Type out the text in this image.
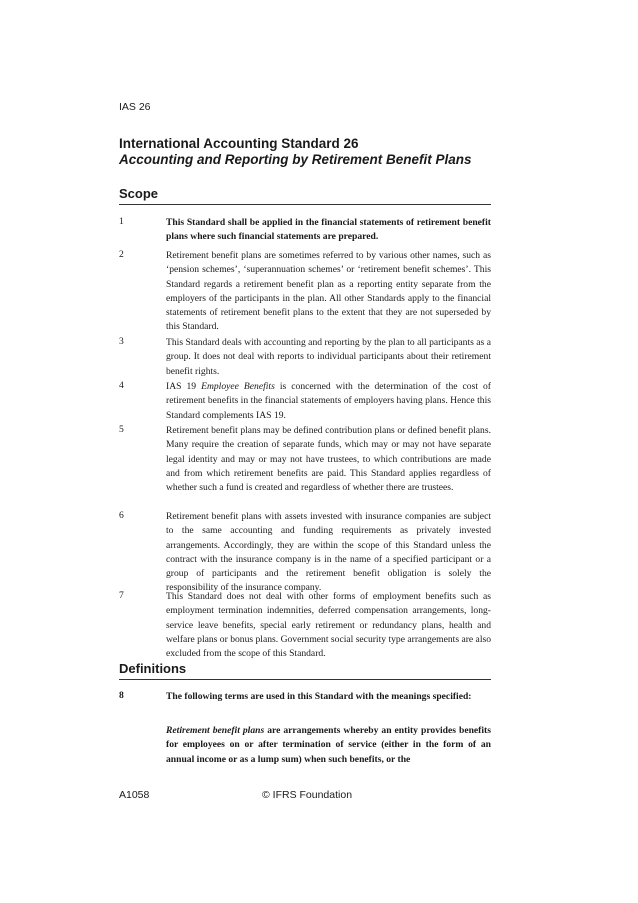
IAS 26
International Accounting Standard 26
Accounting and Reporting by Retirement Benefit Plans
Scope
1	This Standard shall be applied in the financial statements of retirement benefit plans where such financial statements are prepared.

2	Retirement benefit plans are sometimes referred to by various other names, such as ‘pension schemes’, ‘superannuation schemes’ or ‘retirement benefit schemes’. This Standard regards a retirement benefit plan as a reporting entity separate from the employers of the participants in the plan. All other Standards apply to the financial statements of retirement benefit plans to the extent that they are not superseded by this Standard.

3	This Standard deals with accounting and reporting by the plan to all participants as a group. It does not deal with reports to individual participants about their retirement benefit rights.

4	IAS 19 Employee Benefits is concerned with the determination of the cost of retirement benefits in the financial statements of employers having plans. Hence this Standard complements IAS 19.

5	Retirement benefit plans may be defined contribution plans or defined benefit plans. Many require the creation of separate funds, which may or may not have separate legal identity and may or may not have trustees, to which contributions are made and from which retirement benefits are paid. This Standard applies regardless of whether such a fund is created and regardless of whether there are trustees.

6	Retirement benefit plans with assets invested with insurance companies are subject to the same accounting and funding requirements as privately invested arrangements. Accordingly, they are within the scope of this Standard unless the contract with the insurance company is in the name of a specified participant or a group of participants and the retirement benefit obligation is solely the responsibility of the insurance company.

7	This Standard does not deal with other forms of employment benefits such as employment termination indemnities, deferred compensation arrangements, long-service leave benefits, special early retirement or redundancy plans, health and welfare plans or bonus plans. Government social security type arrangements are also excluded from the scope of this Standard.

Definitions
8	The following terms are used in this Standard with the meanings specified:

Retirement benefit plans are arrangements whereby an entity provides benefits for employees on or after termination of service (either in the form of an annual income or as a lump sum) when such benefits, or the

A1058	© IFRS Foundation
